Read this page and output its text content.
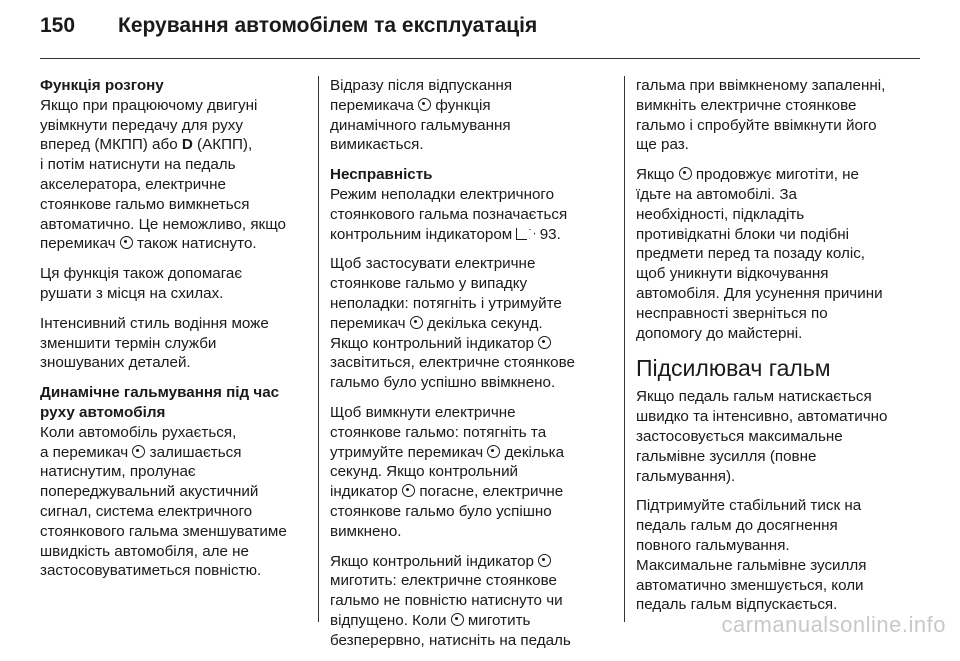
150	Керування автомобілем та експлуатація
Функція розгону

Якщо при працюючому двигуні
увімкнути передачу для руху
вперед (МКПП) або D (АКПП),
і потім натиснути на педаль
акселератора, електричне
стоянкове гальмо вимкнеться
автоматично. Це неможливо, якщо
перемикач  також натиснуто.

Ця функція також допомагає
рушати з місця на схилах.

Інтенсивний стиль водіння може
зменшити термін служби
зношуваних деталей.

Динамічне гальмування під час
руху автомобіля

Коли автомобіль рухається,
а перемикач  залишається
натиснутим, пролунає
попереджувальний акустичний
сигнал, система електричного
стоянкового гальма зменшуватиме
швидкість автомобіля, але не
застосовуватиметься повністю.

Відразу після відпускання
перемикача  функція
динамічного гальмування
вимикається.

Несправність

Режим неполадки електричного
стоянкового гальма позначається
контрольним індикатором  93.

Щоб застосувати електричне
стоянкове гальмо у випадку
неполадки: потягніть і утримуйте
перемикач  декілька секунд.
Якщо контрольний індикатор
засвітиться, електричне стоянкове
гальмо було успішно ввімкнено.

Щоб вимкнути електричне
стоянкове гальмо: потягніть та
утримуйте перемикач  декілька
секунд. Якщо контрольний
індикатор  погасне, електричне
стоянкове гальмо було успішно
вимкнено.

Якщо контрольний індикатор
миготить: електричне стоянкове
гальмо не повністю натиснуто чи
відпущено. Коли  миготить
безперервно, натисніть на педаль

гальма при ввімкненому запаленні,
вимкніть електричне стоянкове
гальмо і спробуйте ввімкнути його
ще раз.

Якщо  продовжує миготіти, не
їдьте на автомобілі. За
необхідності, підкладіть
противідкатні блоки чи подібні
предмети перед та позаду коліс,
щоб уникнути відкочування
автомобіля. Для усунення причини
несправності зверніться по
допомогу до майстерні.

Підсилювач гальм

Якщо педаль гальм натискається
швидко та інтенсивно, автоматично
застосовується максимальне
гальмівне зусилля (повне
гальмування).

Підтримуйте стабільний тиск на
педаль гальм до досягнення
повного гальмування.
Максимальне гальмівне зусилля
автоматично зменшується, коли
педаль гальм відпускається.

carmanualsonline.info
